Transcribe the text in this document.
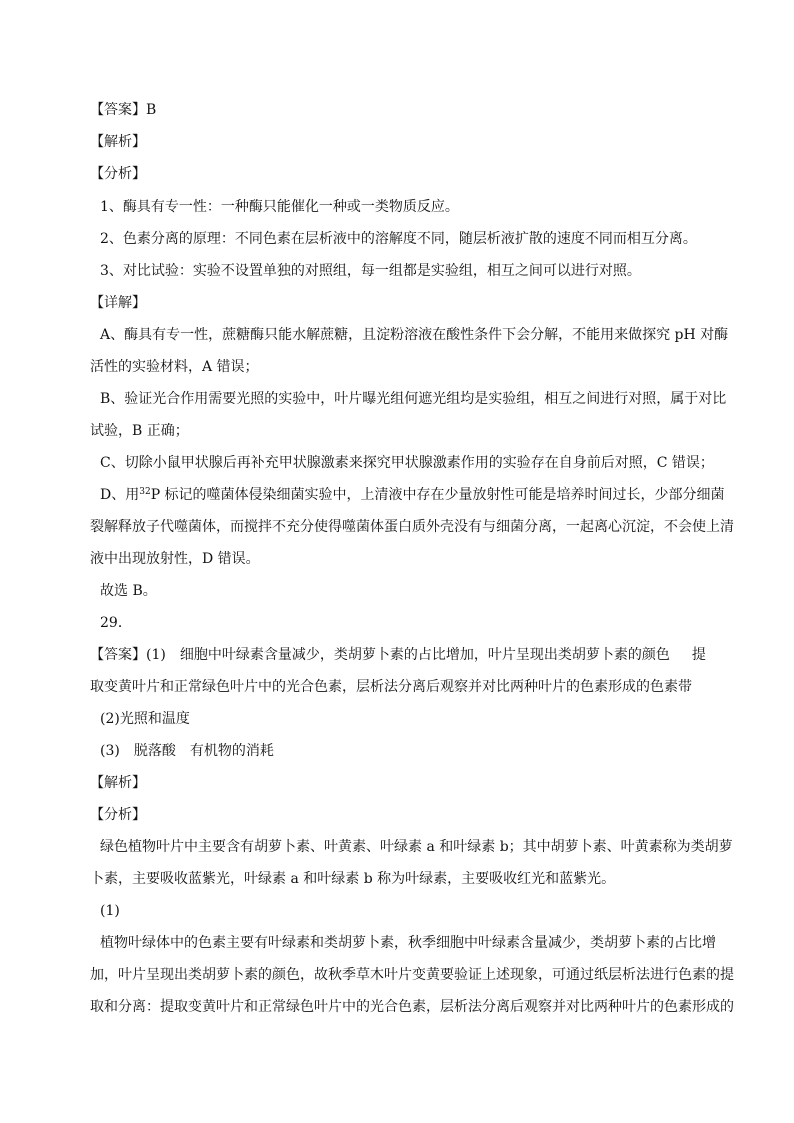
【答案】B
【解析】
【分析】
1、酶具有专一性：一种酶只能催化一种或一类物质反应。
2、色素分离的原理：不同色素在层析液中的溶解度不同，随层析液扩散的速度不同而相互分离。
3、对比试验：实验不设置单独的对照组，每一组都是实验组，相互之间可以进行对照。
【详解】
A、酶具有专一性，蔗糖酶只能水解蔗糖，且淀粉溶液在酸性条件下会分解，不能用来做探究 pH 对酶
活性的实验材料，A 错误；
B、验证光合作用需要光照的实验中，叶片曝光组何遮光组均是实验组，相互之间进行对照，属于对比
试验，B 正确；
C、切除小鼠甲状腺后再补充甲状腺激素来探究甲状腺激素作用的实验存在自身前后对照，C 错误；
D、用$^{32}$P 标记的噬菌体侵染细菌实验中，上清液中存在少量放射性可能是培养时间过长，少部分细菌
裂解释放子代噬菌体，而搅拌不充分使得噬菌体蛋白质外壳没有与细菌分离，一起离心沉淀，不会使上清
液中出现放射性，D 错误。
故选 B。
29．
【答案】(1) 细胞中叶绿素含量减少，类胡萝卜素的占比增加，叶片呈现出类胡萝卜素的颜色 提
取变黄叶片和正常绿色叶片中的光合色素，层析法分离后观察并对比两种叶片的色素形成的色素带
(2)光照和温度
(3) 脱落酸 有机物的消耗
【解析】
【分析】
绿色植物叶片中主要含有胡萝卜素、叶黄素、叶绿素 a 和叶绿素 b；其中胡萝卜素、叶黄素称为类胡萝
卜素，主要吸收蓝紫光，叶绿素 a 和叶绿素 b 称为叶绿素，主要吸收红光和蓝紫光。
(1)
植物叶绿体中的色素主要有叶绿素和类胡萝卜素，秋季细胞中叶绿素含量减少，类胡萝卜素的占比增
加，叶片呈现出类胡萝卜素的颜色，故秋季草木叶片变黄要验证上述现象，可通过纸层析法进行色素的提
取和分离：提取变黄叶片和正常绿色叶片中的光合色素，层析法分离后观察并对比两种叶片的色素形成的
